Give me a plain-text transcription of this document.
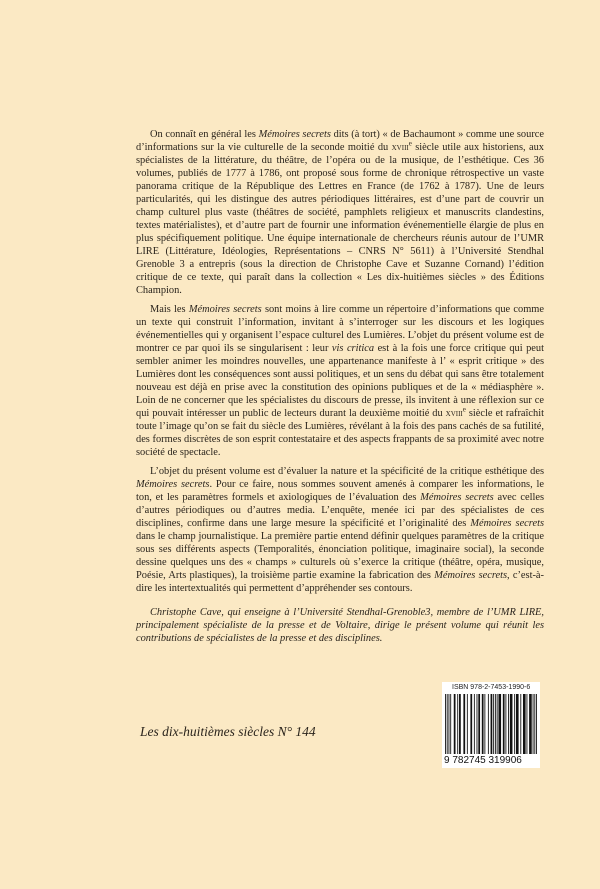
On connaît en général les Mémoires secrets dits (à tort) « de Bachaumont » comme une source d’informations sur la vie culturelle de la seconde moitié du xviii$^e$ siècle utile aux historiens, aux spécialistes de la littérature, du théâtre, de l’opéra ou de la musique, de l’esthétique. Ces 36 volumes, publiés de 1777 à 1786, ont proposé sous forme de chronique rétrospective un vaste panorama critique de la République des Lettres en France (de 1762 à 1787). Une de leurs particularités, qui les distingue des autres périodiques littéraires, est d’une part de couvrir un champ culturel plus vaste (théâtres de société, pamphlets religieux et manuscrits clandestins, textes matérialistes), et d’autre part de fournir une information événementielle élargie de plus en plus spécifiquement politique. Une équipe internationale de chercheurs réunis autour de l’UMR LIRE (Littérature, Idéologies, Représentations – CNRS N° 5611) à l’Université Stendhal Grenoble 3 a entrepris (sous la direction de Christophe Cave et Suzanne Cornand) l’édition critique de ce texte, qui paraît dans la collection « Les dix-huitièmes siècles » des Éditions Champion.

Mais les Mémoires secrets sont moins à lire comme un répertoire d’informations que comme un texte qui construit l’information, invitant à s’interroger sur les discours et les logiques événementielles qui y organisent l’espace culturel des Lumières. L’objet du présent volume est de montrer ce par quoi ils se singularisent : leur vis critica est à la fois une force critique qui peut sembler animer les moindres nouvelles, une appartenance manifeste à l’ « esprit critique » des Lumières dont les conséquences sont aussi politiques, et un sens du débat qui sans être totalement nouveau est déjà en prise avec la constitution des opinions publiques et de la « médiasphère ». Loin de ne concerner que les spécialistes du discours de presse, ils invitent à une réflexion sur ce qui pouvait intéresser un public de lecteurs durant la deuxième moitié du xviii$^e$ siècle et rafraîchit toute l’image qu’on se fait du siècle des Lumières, révélant à la fois des pans cachés de sa futilité, des formes discrètes de son esprit contestataire et des aspects frappants de sa proximité avec notre société de spectacle.

L’objet du présent volume est d’évaluer la nature et la spécificité de la critique esthétique des Mémoires secrets. Pour ce faire, nous sommes souvent amenés à comparer les informations, le ton, et les paramètres formels et axiologiques de l’évaluation des Mémoires secrets avec celles d’autres périodiques ou d’autres media. L’enquête, menée ici par des spécialistes de ces disciplines, confirme dans une large mesure la spécificité et l’originalité des Mémoires secrets dans le champ journalistique. La première partie entend définir quelques paramètres de la critique sous ses différents aspects (Temporalités, énonciation politique, imaginaire social), la seconde dessine quelques uns des « champs » culturels où s’exerce la critique (théâtre, opéra, musique, Poésie, Arts plastiques), la troisième partie examine la fabrication des Mémoires secrets, c’est-à-dire les intertextualités qui permettent d’appréhender ses contours.

Christophe Cave, qui enseigne à l’Université Stendhal-Grenoble3, membre de l’UMR LIRE, principalement spécialiste de la presse et de Voltaire, dirige le présent volume qui réunit les contributions de spécialistes de la presse et des disciplines.
Les dix-huitièmes siècles N° 144
ISBN 978-2-7453-1990-6
9 782745 319906
